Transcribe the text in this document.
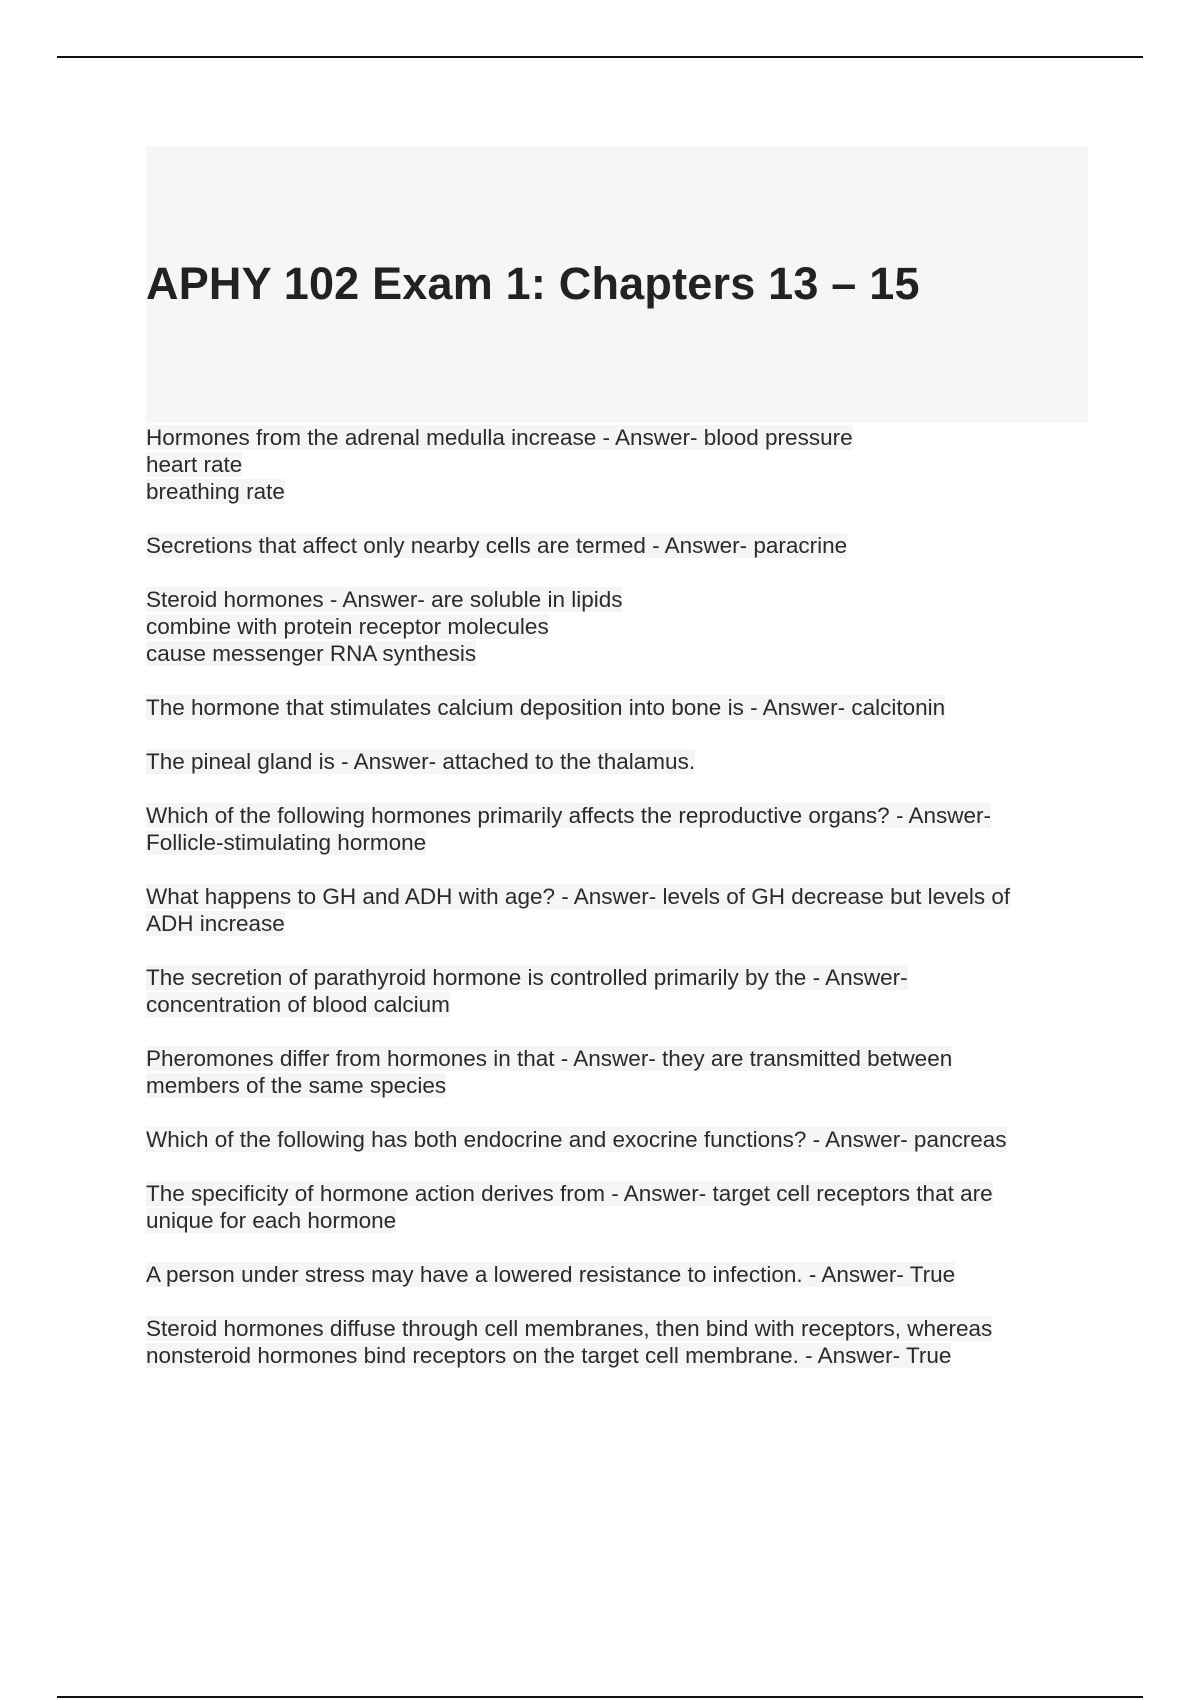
APHY 102 Exam 1: Chapters 13 – 15
Hormones from the adrenal medulla increase - Answer- blood pressure
heart rate
breathing rate
Secretions that affect only nearby cells are termed - Answer- paracrine
Steroid hormones - Answer- are soluble in lipids
combine with protein receptor molecules
cause messenger RNA synthesis
The hormone that stimulates calcium deposition into bone is - Answer- calcitonin
The pineal gland is - Answer- attached to the thalamus.
Which of the following hormones primarily affects the reproductive organs? - Answer-
Follicle-stimulating hormone
What happens to GH and ADH with age? - Answer- levels of GH decrease but levels of
ADH increase
The secretion of parathyroid hormone is controlled primarily by the - Answer-
concentration of blood calcium
Pheromones differ from hormones in that - Answer- they are transmitted between
members of the same species
Which of the following has both endocrine and exocrine functions? - Answer- pancreas
The specificity of hormone action derives from - Answer- target cell receptors that are
unique for each hormone
A person under stress may have a lowered resistance to infection. - Answer- True
Steroid hormones diffuse through cell membranes, then bind with receptors, whereas
nonsteroid hormones bind receptors on the target cell membrane. - Answer- True
